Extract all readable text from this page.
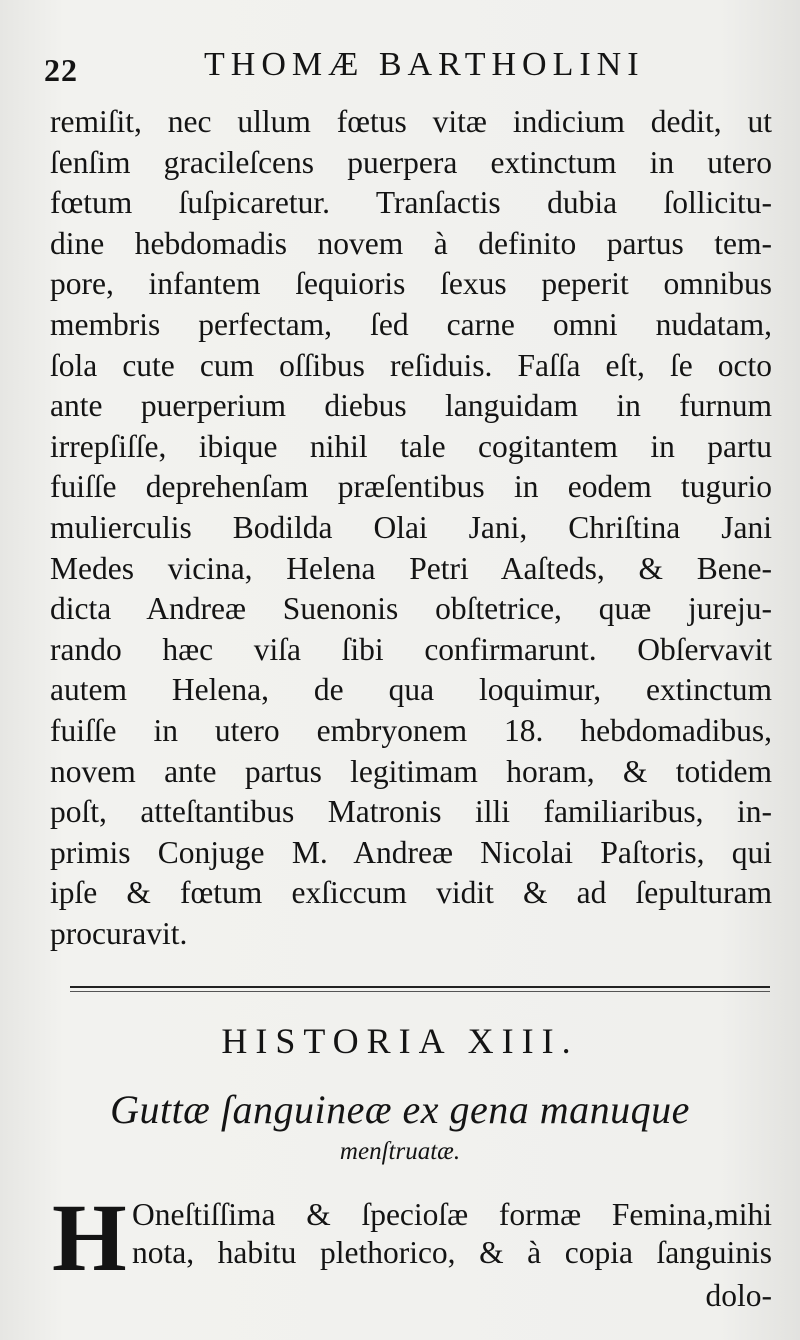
22	THOMÆ BARTHOLINI
remiſit, nec ullum fœtus vitæ indicium dedit, ut
ſenſim gracileſcens puerpera extinctum in utero
fœtum ſuſpicaretur. Tranſactis dubia ſollicitu-
dine hebdomadis novem à definito partus tem-
pore, infantem ſequioris ſexus peperit omnibus
membris perfectam, ſed carne omni nudatam,
ſola cute cum oſſibus reſiduis. Faſſa eſt, ſe octo
ante puerperium diebus languidam in furnum
irrepſiſſe, ibique nihil tale cogitantem in partu
fuiſſe deprehenſam præſentibus in eodem tugurio
mulierculis Bodilda Olai Jani, Chriſtina Jani
Medes vicina, Helena Petri Aaſteds, & Bene-
dicta Andreæ Suenonis obſtetrice, quæ jureju-
rando hæc viſa ſibi confirmarunt. Obſervavit
autem Helena, de qua loquimur, extinctum
fuiſſe in utero embryonem 18. hebdomadibus,
novem ante partus legitimam horam, & totidem
poſt, atteſtantibus Matronis illi familiaribus, in-
primis Conjuge M. Andreæ Nicolai Paſtoris, qui
ipſe & fœtum exſiccum vidit & ad ſepulturam
procuravit.
HISTORIA XIII.
Guttæ ſanguineæ ex gena manuque
menſtruatæ.
H Oneſtiſſima & ſpecioſæ formæ Femina,mihi
nota, habitu plethorico, & à copia ſanguinis
dolo-
